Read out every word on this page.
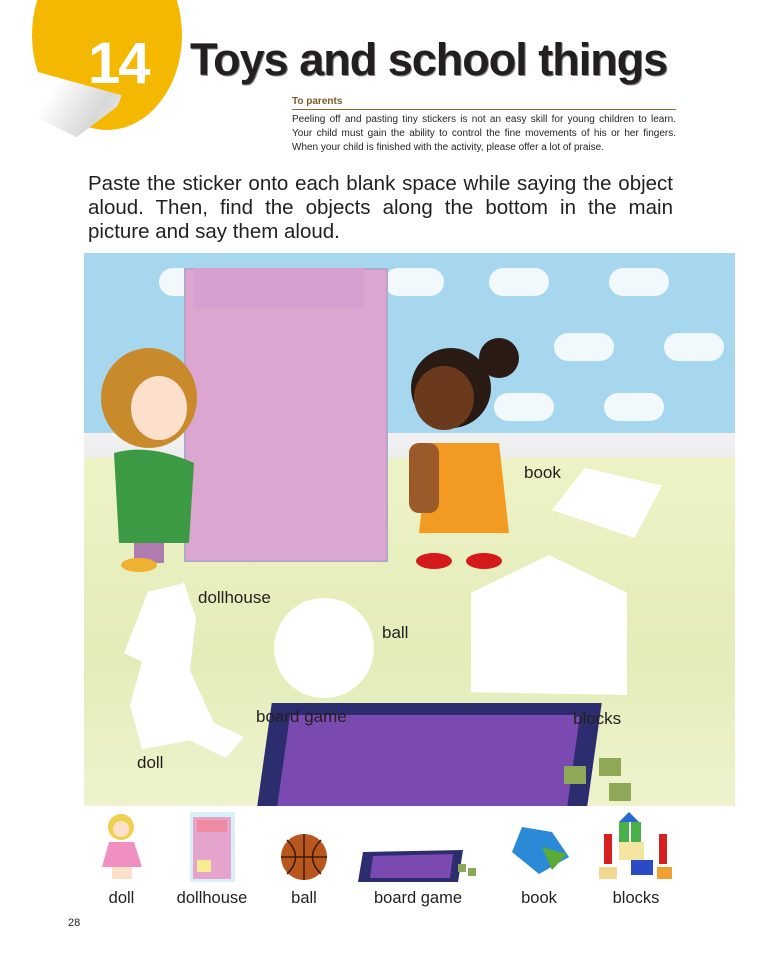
14 Toys and school things
To parents
Peeling off and pasting tiny stickers is not an easy skill for young children to learn. Your child must gain the ability to control the fine movements of his or her fingers. When your child is finished with the activity, please offer a lot of praise.
Paste the sticker onto each blank space while saying the object aloud. Then, find the objects along the bottom in the main picture and say them aloud.
book
dollhouse
ball
board game	blocks
doll
doll	dollhouse	ball	board game	book	blocks
28
